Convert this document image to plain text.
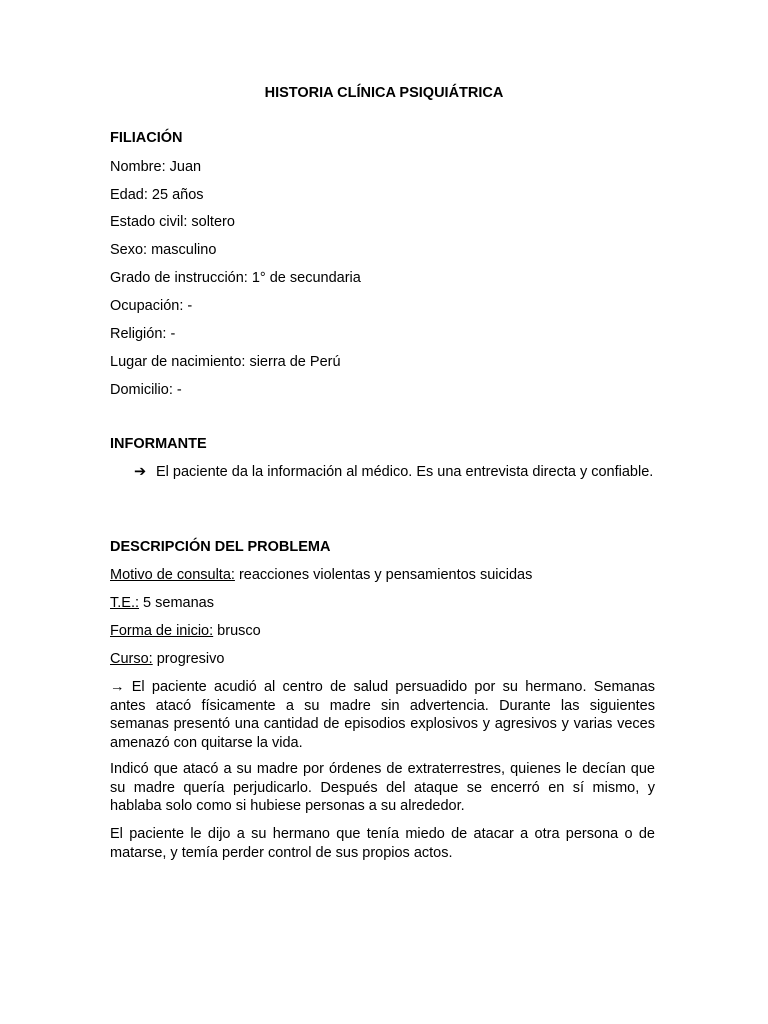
HISTORIA CLÍNICA PSIQUIÁTRICA
FILIACIÓN
Nombre: Juan
Edad: 25 años
Estado civil: soltero
Sexo: masculino
Grado de instrucción: 1° de secundaria
Ocupación: -
Religión: -
Lugar de nacimiento: sierra de Perú
Domicilio: -
INFORMANTE
➔ El paciente da la información al médico. Es una entrevista directa y confiable.
DESCRIPCIÓN DEL PROBLEMA
Motivo de consulta: reacciones violentas y pensamientos suicidas
T.E.: 5 semanas
Forma de inicio: brusco
Curso: progresivo
→ El paciente acudió al centro de salud persuadido por su hermano. Semanas antes atacó físicamente a su madre sin advertencia. Durante las siguientes semanas presentó una cantidad de episodios explosivos y agresivos y varias veces amenazó con quitarse la vida.
Indicó que atacó a su madre por órdenes de extraterrestres, quienes le decían que su madre quería perjudicarlo. Después del ataque se encerró en sí mismo, y hablaba solo como si hubiese personas a su alrededor.
El paciente le dijo a su hermano que tenía miedo de atacar a otra persona o de matarse, y temía perder control de sus propios actos.
